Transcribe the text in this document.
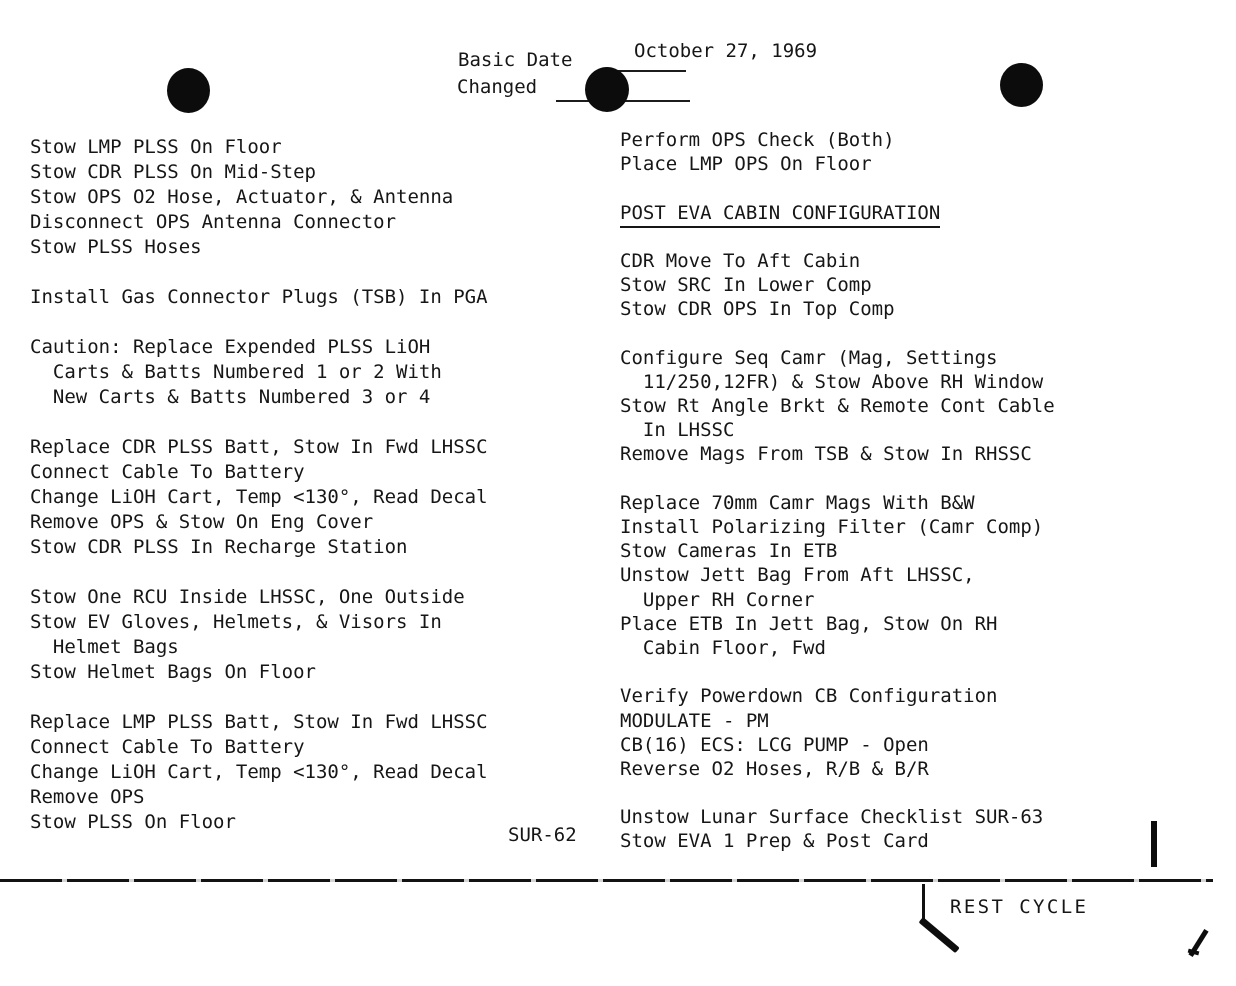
Basic Date	October 27, 1969
Changed
Stow LMP PLSS On Floor
Stow CDR PLSS On Mid-Step
Stow OPS O2 Hose, Actuator, & Antenna
Disconnect OPS Antenna Connector
Stow PLSS Hoses
Install Gas Connector Plugs (TSB) In PGA
Caution: Replace Expended PLSS LiOH
Carts & Batts Numbered 1 or 2 With
New Carts & Batts Numbered 3 or 4
Replace CDR PLSS Batt, Stow In Fwd LHSSC
Connect Cable To Battery
Change LiOH Cart, Temp <130°, Read Decal
Remove OPS & Stow On Eng Cover
Stow CDR PLSS In Recharge Station
Stow One RCU Inside LHSSC, One Outside
Stow EV Gloves, Helmets, & Visors In
Helmet Bags
Stow Helmet Bags On Floor
Replace LMP PLSS Batt, Stow In Fwd LHSSC
Connect Cable To Battery
Change LiOH Cart, Temp <130°, Read Decal
Remove OPS
Stow PLSS On Floor
Perform OPS Check (Both)
Place LMP OPS On Floor
POST EVA CABIN CONFIGURATION
CDR Move To Aft Cabin
Stow SRC In Lower Comp
Stow CDR OPS In Top Comp
Configure Seq Camr (Mag, Settings
11/250,12FR) & Stow Above RH Window
Stow Rt Angle Brkt & Remote Cont Cable
In LHSSC
Remove Mags From TSB & Stow In RHSSC
Replace 70mm Camr Mags With B&W
Install Polarizing Filter (Camr Comp)
Stow Cameras In ETB
Unstow Jett Bag From Aft LHSSC,
Upper RH Corner
Place ETB In Jett Bag, Stow On RH
Cabin Floor, Fwd
Verify Powerdown CB Configuration
MODULATE - PM
CB(16) ECS: LCG PUMP - Open
Reverse O2 Hoses, R/B & B/R
Unstow Lunar Surface Checklist SUR-63
Stow EVA 1 Prep & Post Card
SUR-62
REST CYCLE
